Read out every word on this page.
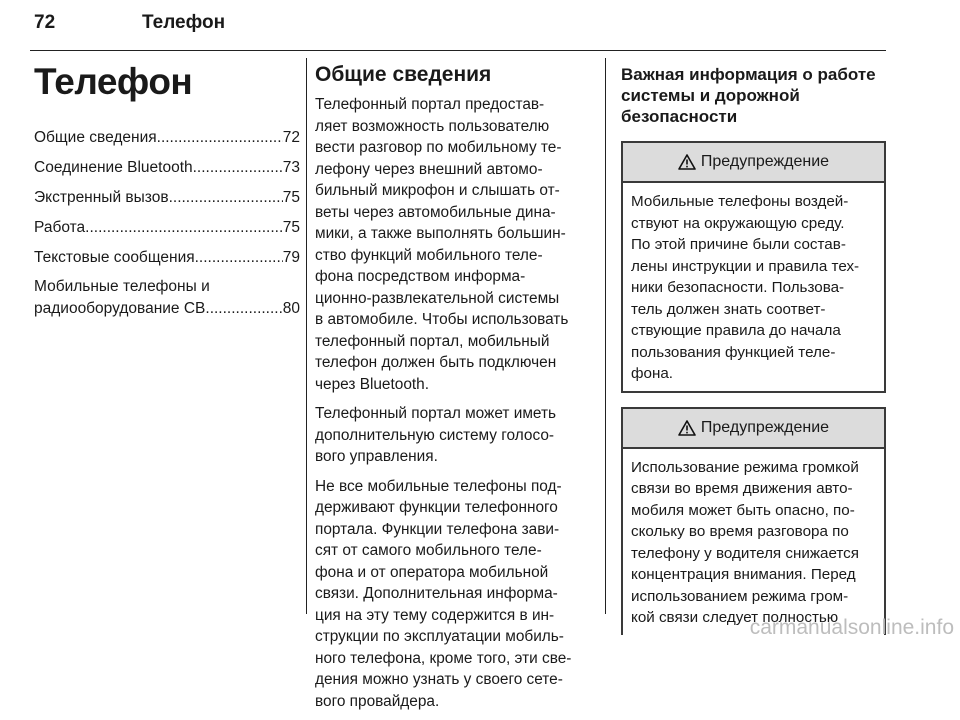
72	Телефон
Телефон
Общие сведения .....	72
Соединение Bluetooth .....	73
Экстренный вызов .....	75
Работа .....	75
Текстовые сообщения .....	79
Мобильные телефоны и
радиооборудование CB .....	80
Общие сведения

Телефонный портал предостав-
ляет возможность пользователю
вести разговор по мобильному те-
лефону через внешний автомо-
бильный микрофон и слышать от-
веты через автомобильные дина-
мики, а также выполнять большин-
ство функций мобильного теле-
фона посредством информа-
ционно-развлекательной системы
в автомобиле. Чтобы использовать
телефонный портал, мобильный
телефон должен быть подключен
через Bluetooth.

Телефонный портал может иметь
дополнительную систему голосо-
вого управления.

Не все мобильные телефоны под-
держивают функции телефонного
портала. Функции телефона зави-
сят от самого мобильного теле-
фона и от оператора мобильной
связи. Дополнительная информа-
ция на эту тему содержится в ин-
струкции по эксплуатации мобиль-
ного телефона, кроме того, эти све-
дения можно узнать у своего сете-
вого провайдера.

Важная информация о работе
системы и дорожной
безопасности
Предупреждение
Мобильные телефоны воздей-
ствуют на окружающую среду.
По этой причине были состав-
лены инструкции и правила тех-
ники безопасности. Пользова-
тель должен знать соответ-
ствующие правила до начала
пользования функцией теле-
фона.
Предупреждение
Использование режима громкой
связи во время движения авто-
мобиля может быть опасно, по-
скольку во время разговора по
телефону у водителя снижается
концентрация внимания. Перед
использованием режима гром-
кой связи следует полностью
carmanualsonline.info
